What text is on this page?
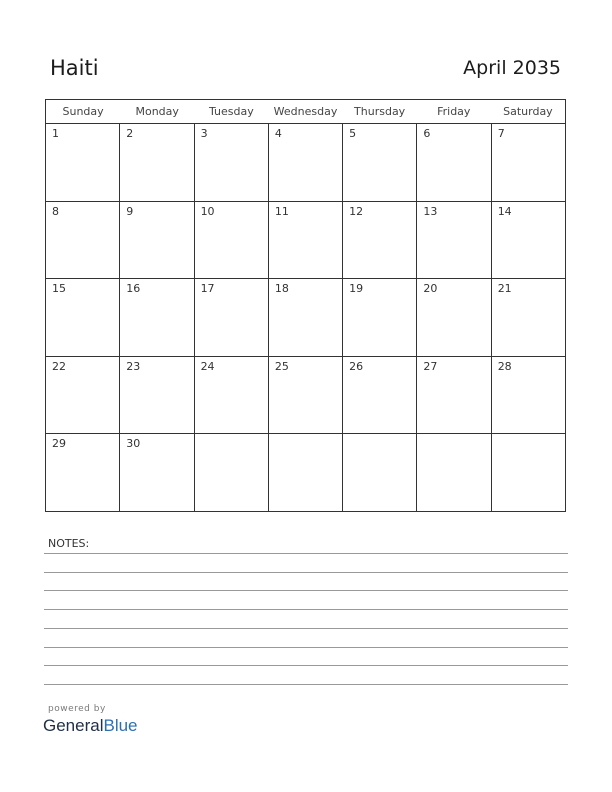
Haiti	April 2035
Sunday	Monday	Tuesday	Wednesday	Thursday	Friday	Saturday
1	2	3	4	5	6	7
8	9	10	11	12	13	14
15	16	17	18	19	20	21
22	23	24	25	26	27	28
29	30
NOTES:
powered by
GeneralBlue
